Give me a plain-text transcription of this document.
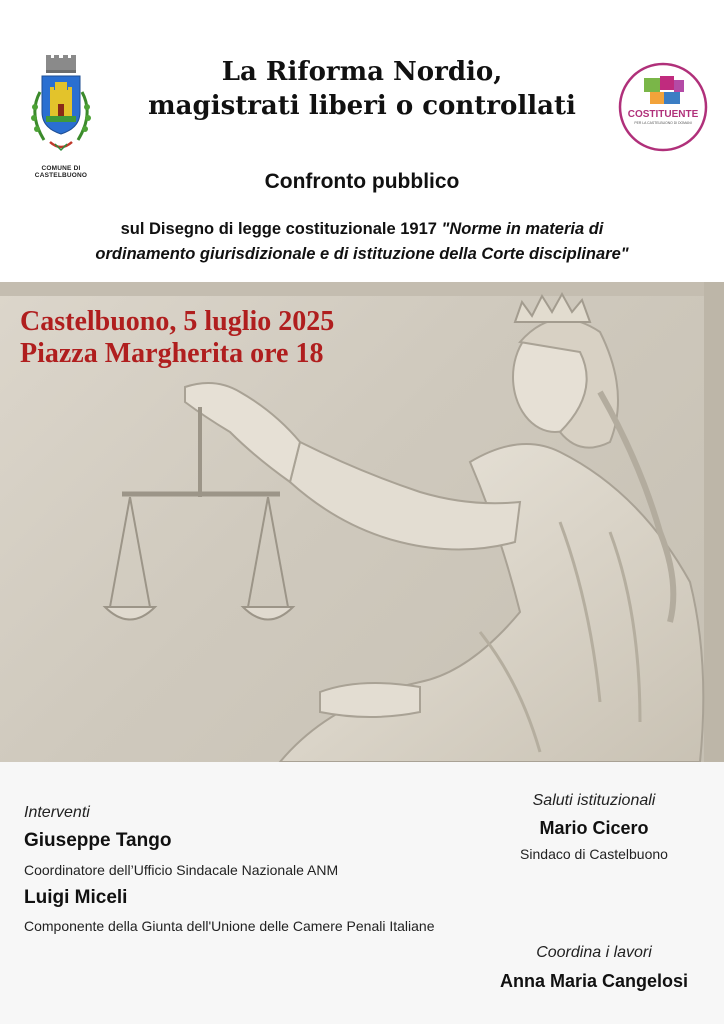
COMUNE DI CASTELBUONO
La Riforma Nordio,
magistrati liberi o controllati	COSTITUENTE
PER LA CASTELBUONO DI DOMANI
Confronto pubblico
sul Disegno di legge costituzionale 1917 "Norme in materia di
ordinamento giurisdizionale e di istituzione della Corte disciplinare"
Castelbuono, 5 luglio 2025
Piazza Margherita ore 18
Interventi
Giuseppe Tango
Coordinatore dell’Ufficio Sindacale Nazionale ANM
Luigi Miceli
Componente della Giunta dell'Unione delle Camere Penali Italiane
Saluti istituzionali
Mario Cicero
Sindaco di Castelbuono
Coordina i lavori
Anna Maria Cangelosi
